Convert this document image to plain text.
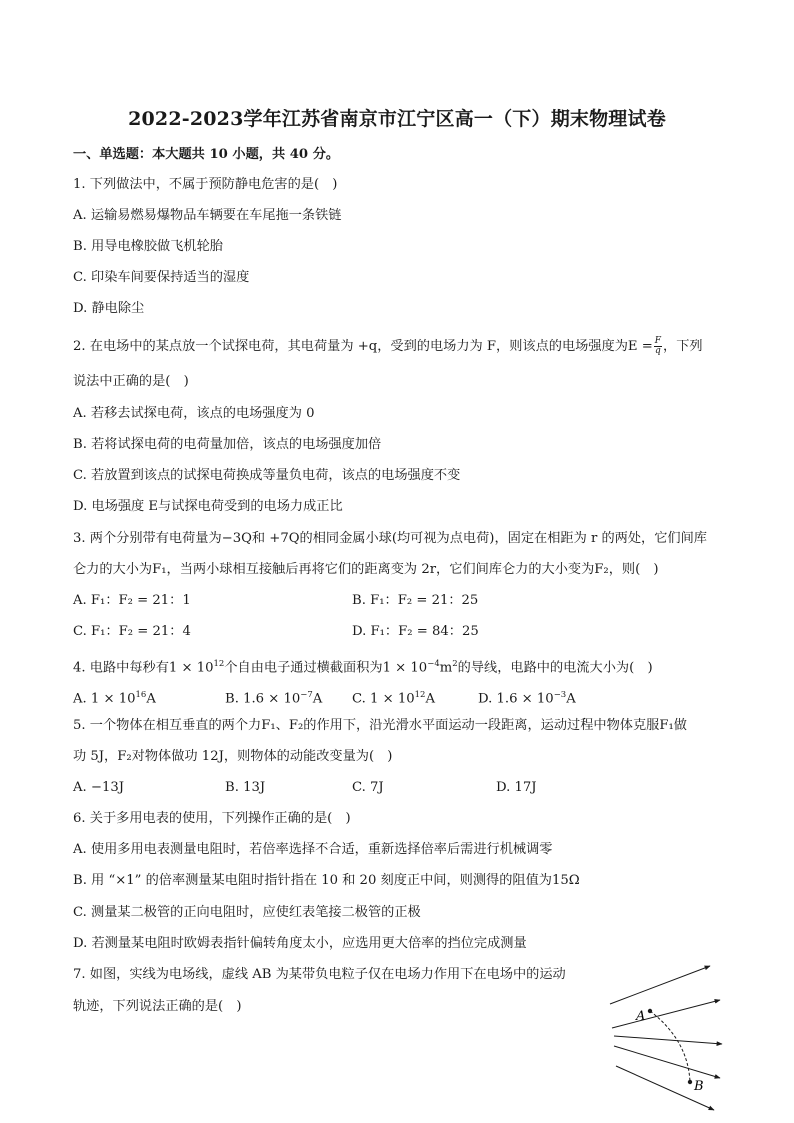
2022-2023学年江苏省南京市江宁区高一（下）期末物理试卷
一、单选题：本大题共 10 小题，共 40 分。
1. 下列做法中，不属于预防静电危害的是(　)
A. 运输易燃易爆物品车辆要在车尾拖一条铁链
B. 用导电橡胶做飞机轮胎
C. 印染车间要保持适当的湿度
D. 静电除尘
2. 在电场中的某点放一个试探电荷，其电荷量为 +q，受到的电场力为 F，则该点的电场强度为$E = \frac{F}{q}$ ，下列
说法中正确的是(　)
A. 若移去试探电荷，该点的电场强度为 0
B. 若将试探电荷的电荷量加倍，该点的电场强度加倍
C. 若放置到该点的试探电荷换成等量负电荷，该点的电场强度不变
D. 电场强度 E与试探电荷受到的电场力成正比
3. 两个分别带有电荷量为−3Q和 +7Q的相同金属小球(均可视为点电荷)，固定在相距为 r 的两处，它们间库
仑力的大小为F₁，当两小球相互接触后再将它们的距离变为 2r，它们间库仑力的大小变为F₂，则(　)
A. F₁：F₂ = 21：1	B. F₁：F₂ = 21：25
C. F₁：F₂ = 21：4	D. F₁：F₂ = 84：25
4. 电路中每秒有$1 \times 10^{12}$个自由电子通过横截面积为$1 \times 10^{-4}m^2$的导线，电路中的电流大小为(　)
A. $1 \times 10^{16}A$	B. $1.6 \times 10^{-7}A$ C. $1 \times 10^{12}A$	D. $1.6 \times 10^{-3}A$
5. 一个物体在相互垂直的两个力F₁、F₂的作用下，沿光滑水平面运动一段距离，运动过程中物体克服F₁做
功 5J，F₂对物体做功 12J，则物体的动能改变量为(　)
A. −13J	B. 13J	C. 7J	D. 17J
6. 关于多用电表的使用，下列操作正确的是(　)
A. 使用多用电表测量电阻时，若倍率选择不合适，重新选择倍率后需进行机械调零
B. 用 “×1” 的倍率测量某电阻时指针指在 10 和 20 刻度正中间，则测得的阻值为15Ω
C. 测量某二极管的正向电阻时，应使红表笔接二极管的正极
D. 若测量某电阻时欧姆表指针偏转角度太小，应选用更大倍率的挡位完成测量
7. 如图，实线为电场线，虚线 AB 为某带负电粒子仅在电场力作用下在电场中的运动
轨迹，下列说法正确的是(　)
A
B
